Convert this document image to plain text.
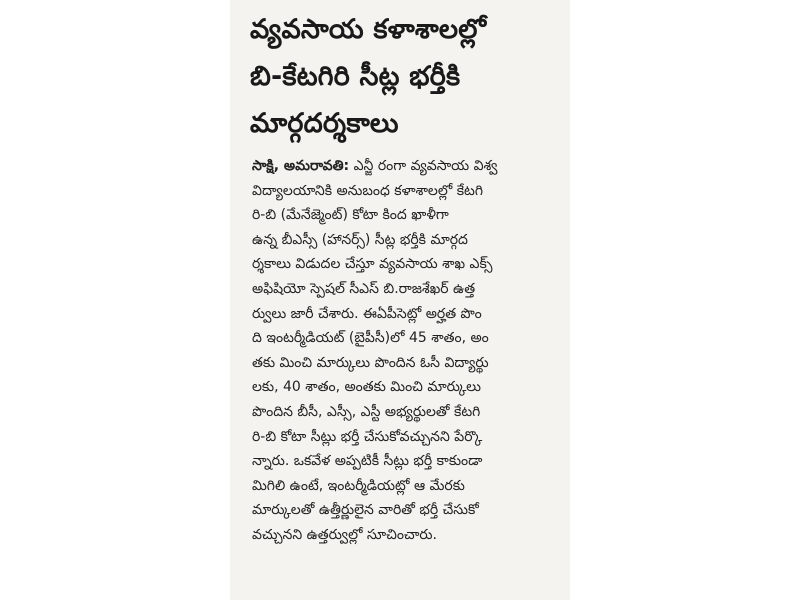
వ్యవసాయ కళాశాలల్లో
బి-కేటగిరి సీట్ల భర్తీకి
మార్గదర్శకాలు
సాక్షి, అమరావతి: ఎన్జీ రంగా వ్యవసాయ విశ్వ
విద్యాలయానికి అనుబంధ కళాశాలల్లో కేటగి
రి-బి (మేనేజ్మెంట్) కోటా కింద ఖాళీగా
ఉన్న బీఎస్సీ (హానర్స్) సీట్ల భర్తీకి మార్గద
ర్శకాలు విడుదల చేస్తూ వ్యవసాయ శాఖ ఎక్స్
అఫిషియో స్పెషల్ సీఎస్ బి.రాజశేఖర్ ఉత్త
ర్వులు జారీ చేశారు. ఈఏపీసెట్లో అర్హత పొం
ది ఇంటర్మీడియట్ (బైపీసీ)లో 45 శాతం, అం
తకు మించి మార్కులు పొందిన ఓసీ విద్యార్థు
లకు, 40 శాతం, అంతకు మించి మార్కులు
పొందిన బీసీ, ఎస్సీ, ఎస్టీ అభ్యర్థులతో కేటగి
రి-బి కోటా సీట్లు భర్తీ చేసుకోవచ్చునని పేర్కొ
న్నారు. ఒకవేళ అప్పటికీ సీట్లు భర్తీ కాకుండా
మిగిలి ఉంటే, ఇంటర్మీడియట్లో ఆ మేరకు
మార్కులతో ఉత్తీర్ణులైన వారితో భర్తీ చేసుకో
వచ్చునని ఉత్తర్వుల్లో సూచించారు.
